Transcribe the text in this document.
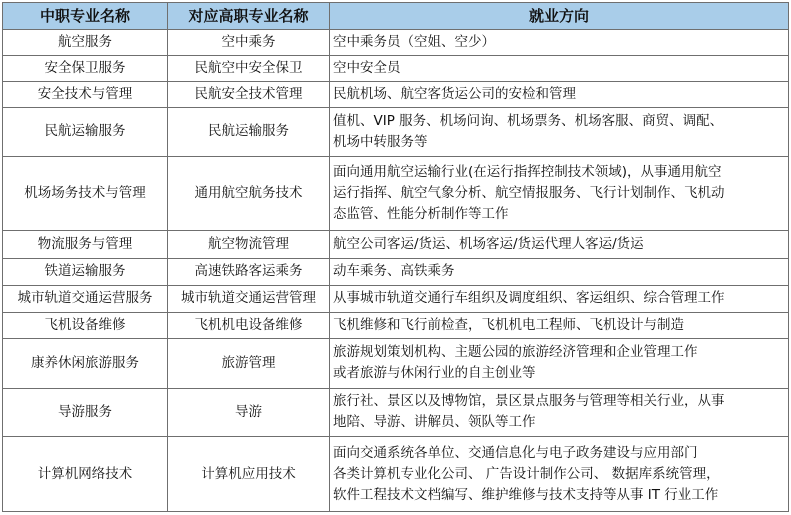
中职专业名称	对应高职专业名称	就业方向
航空服务	空中乘务	空中乘务员（空姐、空少）

安全保卫服务	民航空中安全保卫	空中安全员

安全技术与管理	民航安全技术管理	民航机场、航空客货运公司的安检和管理

民航运输服务	民航运输服务	值机、VIP 服务、机场问询、机场票务、机场客服、商贸、调配、
机场中转服务等

机场场务技术与管理	通用航空航务技术	面向通用航空运输行业(在运行指挥控制技术领域)，从事通用航空
运行指挥、航空气象分析、航空情报服务、飞行计划制作、飞机动
态监管、性能分析制作等工作

物流服务与管理	航空物流管理	航空公司客运/货运、机场客运/货运代理人客运/货运

铁道运输服务	高速铁路客运乘务	动车乘务、高铁乘务

城市轨道交通运营服务	城市轨道交通运营管理	从事城市轨道交通行车组织及调度组织、客运组织、综合管理工作

飞机设备维修	飞机机电设备维修	飞机维修和飞行前检查，飞机机电工程师、飞机设计与制造

康养休闲旅游服务	旅游管理	旅游规划策划机构、主题公园的旅游经济管理和企业管理工作
或者旅游与休闲行业的自主创业等

导游服务	导游	旅行社、景区以及博物馆，景区景点服务与管理等相关行业，从事
地陪、导游、讲解员、领队等工作

计算机网络技术	计算机应用技术	面向交通系统各单位、交通信息化与电子政务建设与应用部门
各类计算机专业化公司、 广告设计制作公司、 数据库系统管理，
软件工程技术文档编写、维护维修与技术支持等从事 IT 行业工作
